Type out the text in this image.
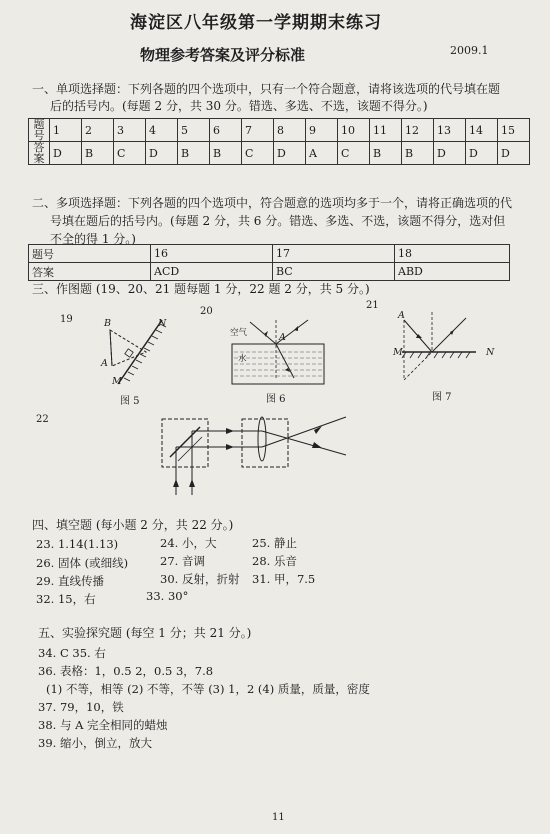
海淀区八年级第一学期期末练习
物理参考答案及评分标准	2009.1
一、单项选择题：下列各题的四个选项中，只有一个符合题意，请将该选项的代号填在题
后的括号内。(每题 2 分，共 30 分。错选、多选、不选，该题不得分。)
题号	1	2	3	4	5	6	7	8	9	10	11	12	13	14	15
答案	D	B	C	D	B	B	C	D	A	C	B	B	D	D	D
二、多项选择题：下列各题的四个选项中，符合题意的选项均多于一个，请将正确选项的代
号填在题后的括号内。(每题 2 分，共 6 分。错选、多选、不选，该题不得分，选对但
不全的得 1 分。)
题号	16	17	18
答案	ACD	BC	ABD
三、作图题 (19、20、21 题每题 1 分，22 题 2 分，共 5 分。)
19	B	N
A
M
图 5
20
空气
水
A
图 6
21
A
M	N
图 7
22
四、填空题 (每小题 2 分，共 22 分。)
23. 1.14(1.13)	24. 小，大	25. 静止
26. 固体 (或细线)	27. 音调	28. 乐音
29. 直线传播	30. 反射，折射 31. 甲，7.5
32. 15，右	33. 30°
五、实验探究题 (每空 1 分；共 21 分。)
34. C 35. 右
36. 表格：1，0.5 2，0.5 3，7.8
(1) 不等，相等 (2) 不等，不等 (3) 1，2 (4) 质量，质量，密度
37. 79，10，铁
38. 与 A 完全相同的蜡烛
39. 缩小，倒立，放大
11
